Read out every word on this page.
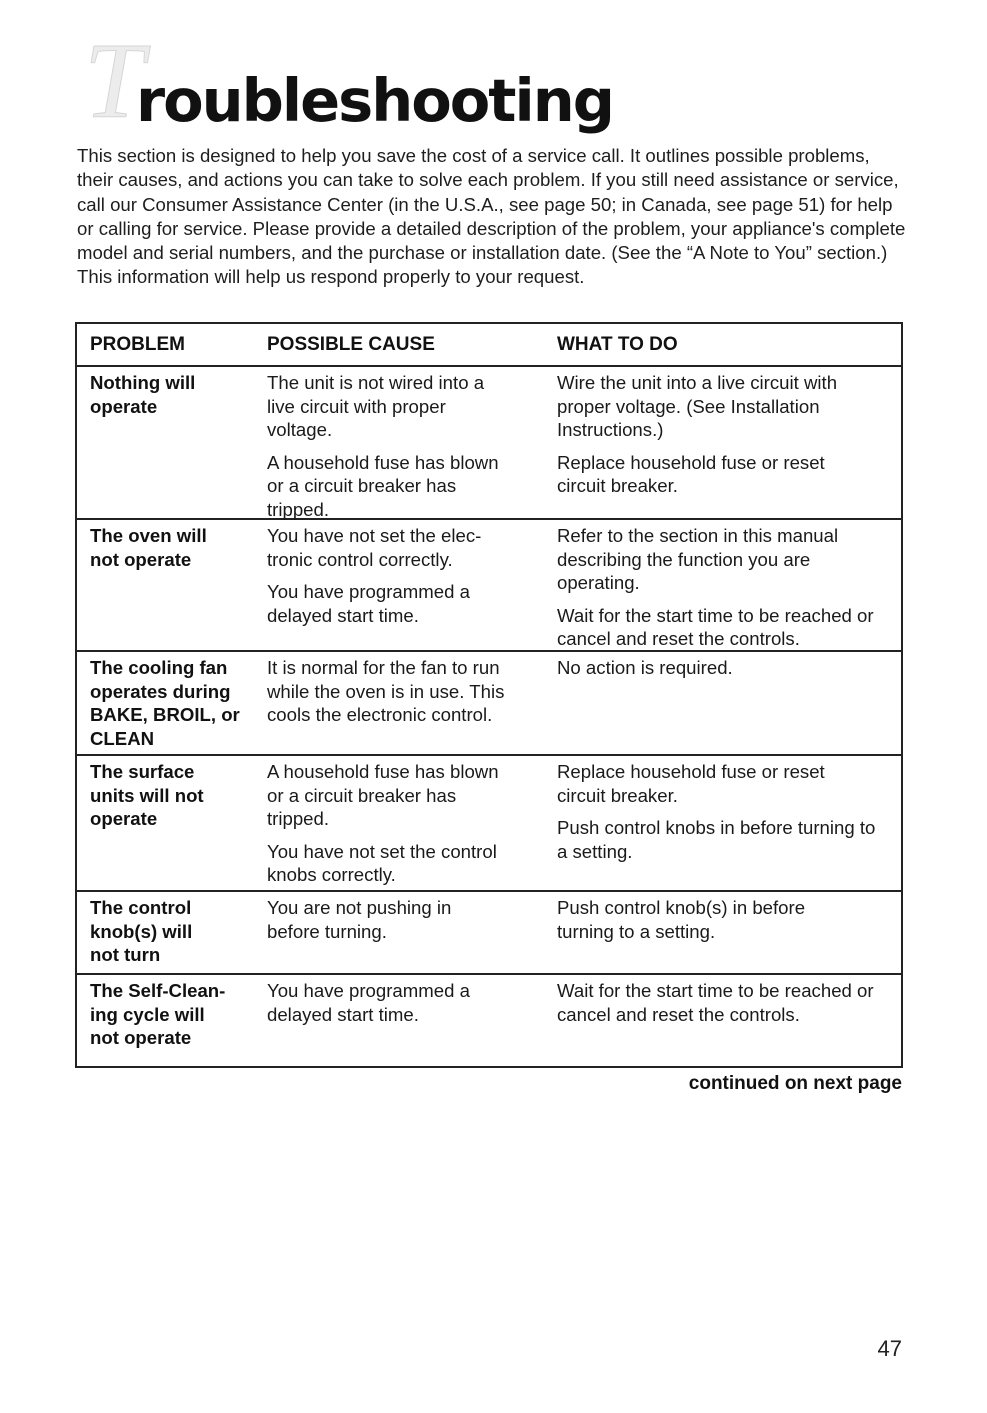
T
roubleshooting

This section is designed to help you save the cost of a service call. It outlines possible problems, their causes, and actions you can take to solve each problem. If you still need assistance or service, call our Consumer Assistance Center (in the U.S.A., see page 50; in Canada, see page 51) for help or calling for service. Please provide a detailed description of the problem, your appliance's complete model and serial numbers, and the purchase or installation date. (See the “A Note to You” section.) This information will help us respond properly to your request.

PROBLEM	POSSIBLE CAUSE	WHAT TO DO
Nothing will operate
The unit is not wired into a live circuit with proper voltage.
A household fuse has blown or a circuit breaker has tripped.
Wire the unit into a live circuit with proper voltage. (See Installation Instructions.)
Replace household fuse or reset circuit breaker.
The oven will not operate
You have not set the elec-tronic control correctly.
You have programmed a delayed start time.
Refer to the section in this manual describing the function you are operating.
Wait for the start time to be reached or cancel and reset the controls.
The cooling fan operates during BAKE, BROIL, or CLEAN
It is normal for the fan to run while the oven is in use. This cools the electronic control.
No action is required.
The surface units will not operate
A household fuse has blown or a circuit breaker has tripped.
You have not set the control knobs correctly.
Replace household fuse or reset circuit breaker.
Push control knobs in before turning to a setting.
The control knob(s) will not turn
You are not pushing in before turning.
Push control knob(s) in before turning to a setting.
The Self-Clean-ing cycle will not operate
You have programmed a delayed start time.
Wait for the start time to be reached or cancel and reset the controls.
continued on next page
47
